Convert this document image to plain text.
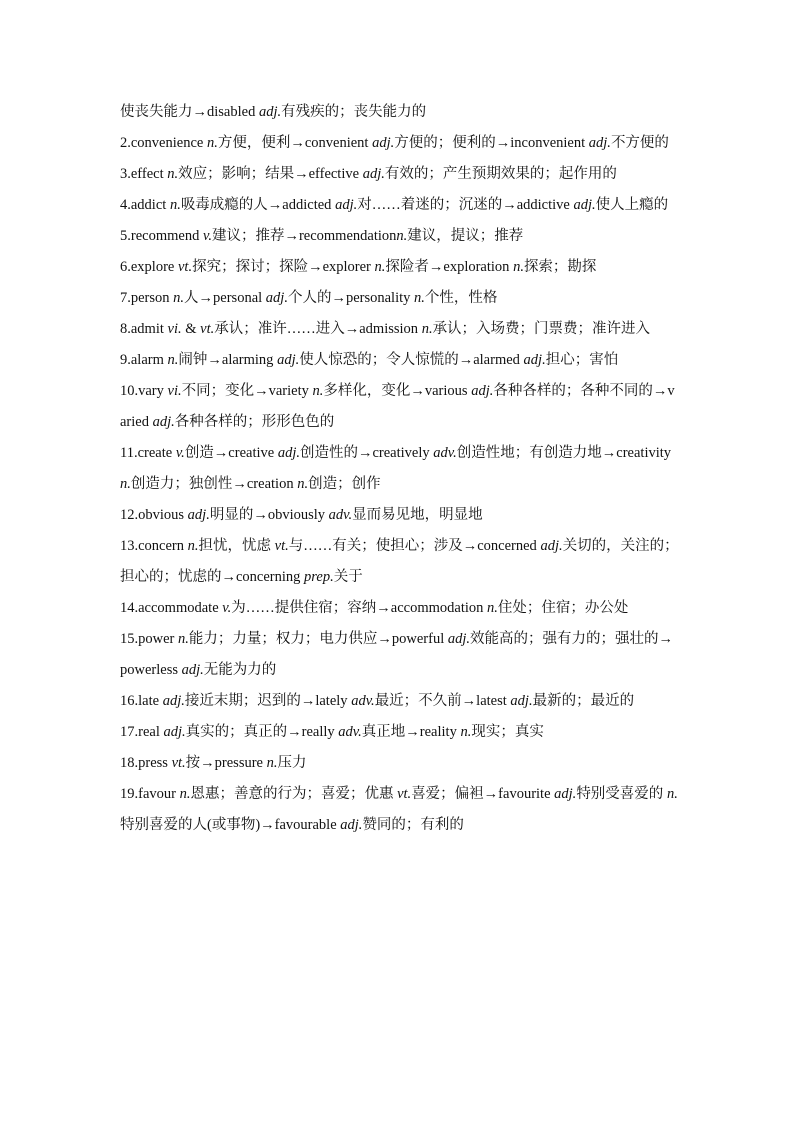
使丧失能力→disabled adj.有残疾的；丧失能力的

2.convenience n.方便，便利→convenient adj.方便的；便利的→inconvenient adj.不方便的

3.effect n.效应；影响；结果→effective adj.有效的；产生预期效果的；起作用的

4.addict n.吸毒成瘾的人→addicted adj.对……着迷的；沉迷的→addictive adj.使人上瘾的

5.recommend v.建议；推荐→recommendationn.建议，提议；推荐

6.explore vt.探究；探讨；探险→explorer n.探险者→exploration n.探索；勘探

7.person n.人→personal adj.个人的→personality n.个性，性格

8.admit vi. & vt.承认；准许……进入→admission n.承认；入场费；门票费；准许进入

9.alarm n.闹钟→alarming adj.使人惊恐的；令人惊慌的→alarmed adj.担心；害怕

10.vary vi.不同；变化→variety n.多样化，变化→various adj.各种各样的；各种不同的→varied adj.各种各样的；形形色色的

11.create v.创造→creative adj.创造性的→creatively adv.创造性地；有创造力地→creativity n.创造力；独创性→creation n.创造；创作

12.obvious adj.明显的→obviously adv.显而易见地，明显地

13.concern n.担忧，忧虑 vt.与……有关；使担心；涉及→concerned adj.关切的，关注的；担心的；忧虑的→concerning prep.关于

14.accommodate v.为……提供住宿；容纳→accommodation n.住处；住宿；办公处

15.power n.能力；力量；权力；电力供应→powerful adj.效能高的；强有力的；强壮的→powerless adj.无能为力的

16.late adj.接近末期；迟到的→lately adv.最近；不久前→latest adj.最新的；最近的

17.real adj.真实的；真正的→really adv.真正地→reality n.现实；真实

18.press vt.按→pressure n.压力

19.favour n.恩惠；善意的行为；喜爱；优惠 vt.喜爱；偏袒→favourite adj.特别受喜爱的 n.特别喜爱的人(或事物)→favourable adj.赞同的；有利的
